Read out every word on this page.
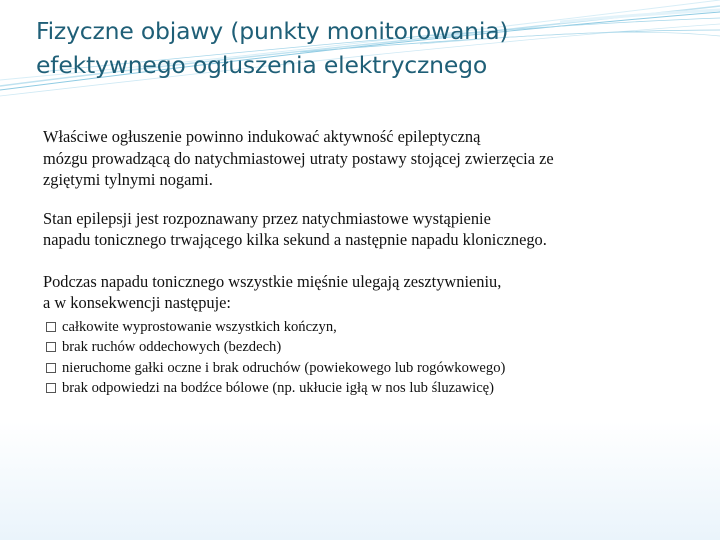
Fizyczne objawy (punkty monitorowania)
efektywnego ogłuszenia elektrycznego

Właściwe ogłuszenie powinno indukować aktywność epileptyczną
mózgu prowadzącą do natychmiastowej utraty postawy stojącej zwierzęcia ze
zgiętymi tylnymi nogami.

Stan epilepsji jest rozpoznawany przez natychmiastowe wystąpienie
napadu tonicznego trwającego kilka sekund a następnie napadu klonicznego.

Podczas napadu tonicznego wszystkie mięśnie ulegają zesztywnieniu,
a w konsekwencji następuje:

całkowite wyprostowanie wszystkich kończyn,
brak ruchów oddechowych (bezdech)
nieruchome gałki oczne i brak odruchów (powiekowego lub rogówkowego)
brak odpowiedzi na bodźce bólowe (np. ukłucie igłą w nos lub śluzawicę)
